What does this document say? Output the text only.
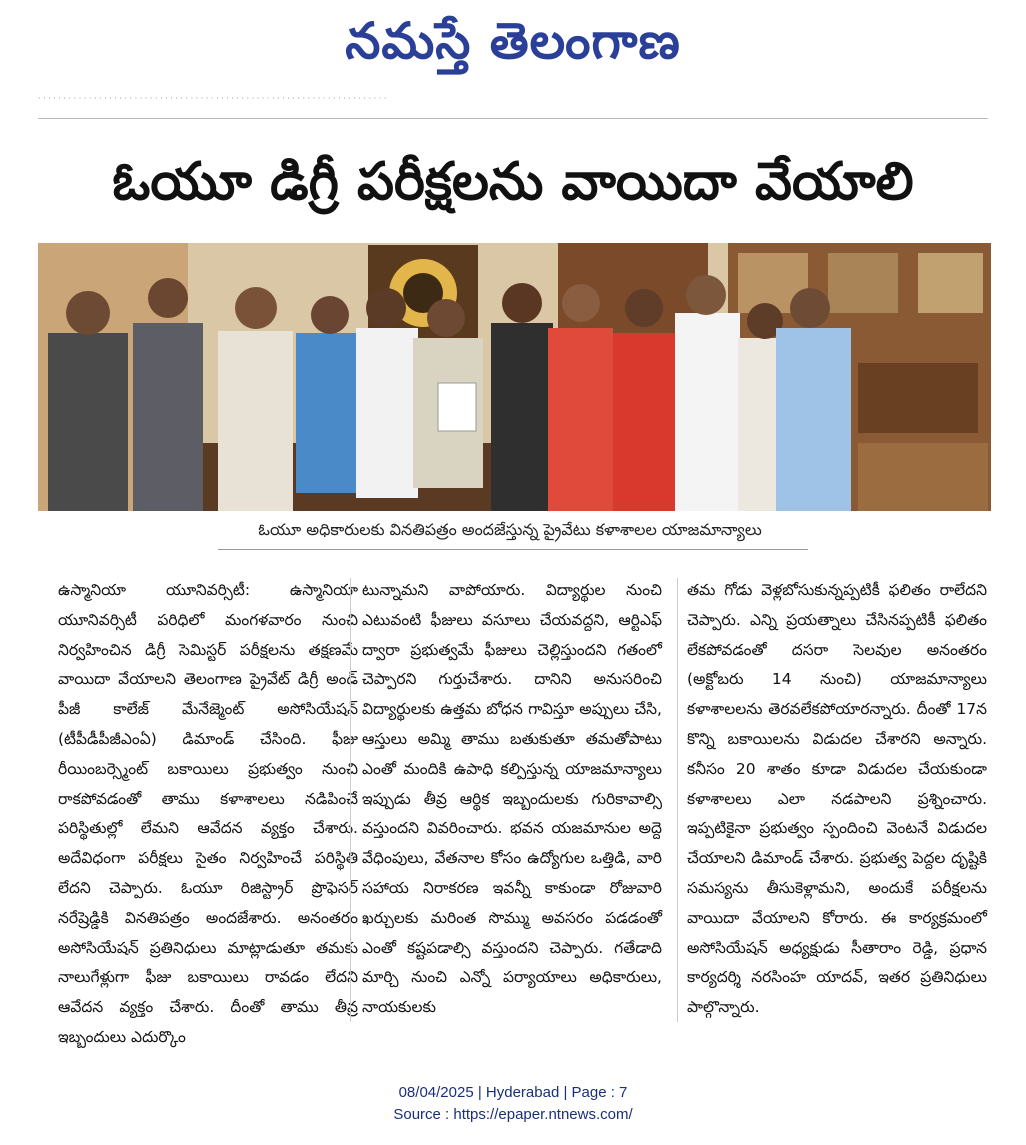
నమస్తే తెలంగాణ
· · · · · · · · · · · · · · · · · · · · · · · · · · · · · · · · · · · · · · · · · · · · · · · · · · · · · · · · · · · · · · · · · · · · ·
ఓయూ డిగ్రీ పరీక్షలను వాయిదా వేయాలి
ఓయూ అధికారులకు వినతిపత్రం అందజేస్తున్న ప్రైవేటు కళాశాలల యాజమాన్యాలు

ఉస్మానియా యూనివర్సిటీ: ఉస్మానియా యూనివర్సిటీ పరిధిలో మంగళవారం నుంచి నిర్వహించిన డిగ్రీ సెమిస్టర్ పరీక్షలను తక్షణమే వాయిదా వేయాలని తెలంగాణ ప్రైవేట్ డిగ్రీ అండ్ పీజీ కాలేజ్ మేనేజ్మెంట్ అసోసియేషన్ (టీపీడీపీజీఎంఏ) డిమాండ్ చేసింది. ఫీజు రీయింబర్స్మెంట్ బకాయిలు ప్రభుత్వం నుంచి రాకపోవడంతో తాము కళాశాలలు నడిపించే పరిస్థితుల్లో లేమని ఆవేదన వ్యక్తం చేశారు. అదేవిధంగా పరీక్షలు సైతం నిర్వహించే పరిస్థితి లేదని చెప్పారు. ఓయూ రిజిస్ట్రార్ ప్రొఫెసర్ నరేష్రెడ్డికి వినతిపత్రం అందజేశారు. అనంతరం అసోసియేషన్ ప్రతినిధులు మాట్లాడుతూ తమకు నాలుగేళ్లుగా ఫీజు బకాయిలు రావడం లేదని ఆవేదన వ్యక్తం చేశారు. దీంతో తాము తీవ్ర ఇబ్బందులు ఎదుర్కొం

టున్నామని వాపోయారు. విద్యార్థుల నుంచి ఎటువంటి ఫీజులు వసూలు చేయవద్దని, ఆర్టిఎఫ్ ద్వారా ప్రభుత్వమే ఫీజులు చెల్లిస్తుందని గతంలో చెప్పారని గుర్తుచేశారు. దానిని అనుసరించి విద్యార్థులకు ఉత్తమ బోధన గావిస్తూ అప్పులు చేసి, ఆస్తులు అమ్మి తాము బతుకుతూ తమతోపాటు ఎంతో మందికి ఉపాధి కల్పిస్తున్న యాజమాన్యాలు ఇప్పుడు తీవ్ర ఆర్థిక ఇబ్బందులకు గురికావాల్సి వస్తుందని వివరించారు. భవన యజమానుల అద్దె వేధింపులు, వేతనాల కోసం ఉద్యోగుల ఒత్తిడి, వారి సహాయ నిరాకరణ ఇవన్నీ కాకుండా రోజువారి ఖర్చులకు మరింత సొమ్ము అవసరం పడడంతో ఎంతో కష్టపడాల్సి వస్తుందని చెప్పారు. గతేడాది మార్చి నుంచి ఎన్నో పర్యాయాలు అధికారులు, నాయకులకు

తమ గోడు వెళ్లబోసుకున్నప్పటికీ ఫలితం రాలేదని చెప్పారు. ఎన్ని ప్రయత్నాలు చేసినప్పటికీ ఫలితం లేకపోవడంతో దసరా సెలవుల అనంతరం (అక్టోబరు 14 నుంచి) యాజమాన్యాలు కళాశాలలను తెరవలేకపోయారన్నారు. దీంతో 17న కొన్ని బకాయిలను విడుదల చేశారని అన్నారు. కనీసం 20 శాతం కూడా విడుదల చేయకుండా కళాశాలలు ఎలా నడపాలని ప్రశ్నించారు. ఇప్పటికైనా ప్రభుత్వం స్పందించి వెంటనే విడుదల చేయాలని డిమాండ్ చేశారు. ప్రభుత్వ పెద్దల దృష్టికి సమస్యను తీసుకెళ్లామని, అందుకే పరీక్షలను వాయిదా వేయాలని కోరారు. ఈ కార్యక్రమంలో అసోసియేషన్ అధ్యక్షుడు సీతారాం రెడ్డి, ప్రధాన కార్యదర్శి నరసింహ యాదవ్, ఇతర ప్రతినిధులు పాల్గొన్నారు.

08/04/2025 | Hyderabad | Page : 7
Source : https://epaper.ntnews.com/
